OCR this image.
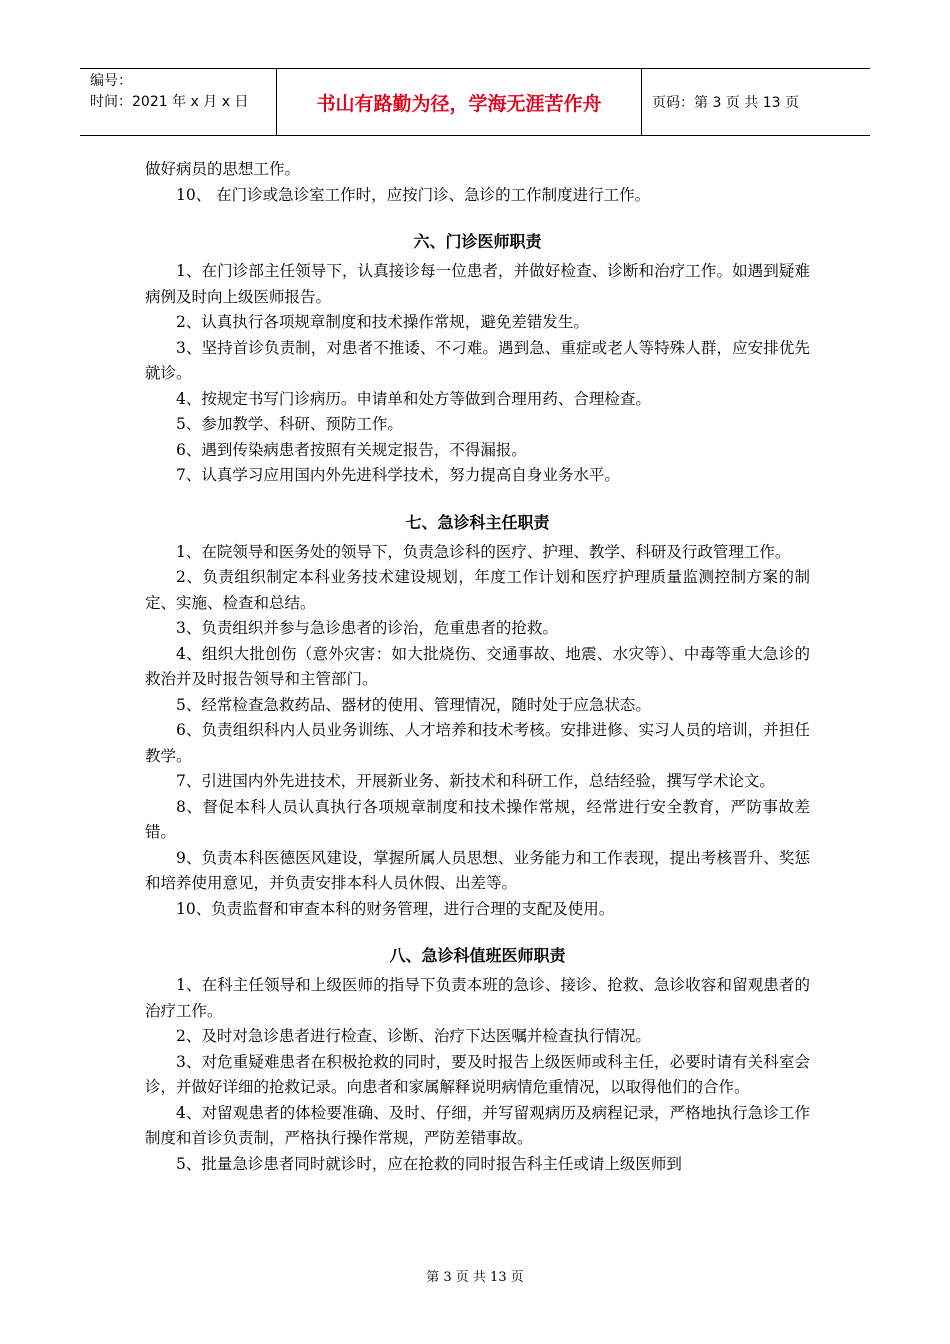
编号：
时间：2021 年 x 月 x 日	书山有路勤为径，学海无涯苦作舟	页码：第 3 页 共 13 页

做好病员的思想工作。

10、 在门诊或急诊室工作时，应按门诊、急诊的工作制度进行工作。

六、门诊医师职责

1、在门诊部主任领导下，认真接诊每一位患者，并做好检查、诊断和治疗工作。如遇到疑难病例及时向上级医师报告。

2、认真执行各项规章制度和技术操作常规，避免差错发生。

3、坚持首诊负责制，对患者不推诿、不刁难。遇到急、重症或老人等特殊人群，应安排优先就诊。

4、按规定书写门诊病历。申请单和处方等做到合理用药、合理检查。

5、参加教学、科研、预防工作。

6、遇到传染病患者按照有关规定报告，不得漏报。

7、认真学习应用国内外先进科学技术，努力提高自身业务水平。

七、急诊科主任职责

1、在院领导和医务处的领导下，负责急诊科的医疗、护理、教学、科研及行政管理工作。

2、负责组织制定本科业务技术建设规划，年度工作计划和医疗护理质量监测控制方案的制定、实施、检查和总结。

3、负责组织并参与急诊患者的诊治，危重患者的抢救。

4、组织大批创伤（意外灾害：如大批烧伤、交通事故、地震、水灾等）、中毒等重大急诊的救治并及时报告领导和主管部门。

5、经常检查急救药品、器材的使用、管理情况，随时处于应急状态。

6、负责组织科内人员业务训练、人才培养和技术考核。安排进修、实习人员的培训，并担任教学。

7、引进国内外先进技术，开展新业务、新技术和科研工作，总结经验，撰写学术论文。

8、督促本科人员认真执行各项规章制度和技术操作常规，经常进行安全教育，严防事故差错。

9、负责本科医德医风建设，掌握所属人员思想、业务能力和工作表现，提出考核晋升、奖惩和培养使用意见，并负责安排本科人员休假、出差等。

10、负责监督和审查本科的财务管理，进行合理的支配及使用。

八、急诊科值班医师职责

1、在科主任领导和上级医师的指导下负责本班的急诊、接诊、抢救、急诊收容和留观患者的治疗工作。

2、及时对急诊患者进行检查、诊断、治疗下达医嘱并检查执行情况。

3、对危重疑难患者在积极抢救的同时，要及时报告上级医师或科主任，必要时请有关科室会诊，并做好详细的抢救记录。向患者和家属解释说明病情危重情况，以取得他们的合作。

4、对留观患者的体检要准确、及时、仔细，并写留观病历及病程记录，严格地执行急诊工作制度和首诊负责制，严格执行操作常规，严防差错事故。

5、批量急诊患者同时就诊时，应在抢救的同时报告科主任或请上级医师到

第 3 页 共 13 页
